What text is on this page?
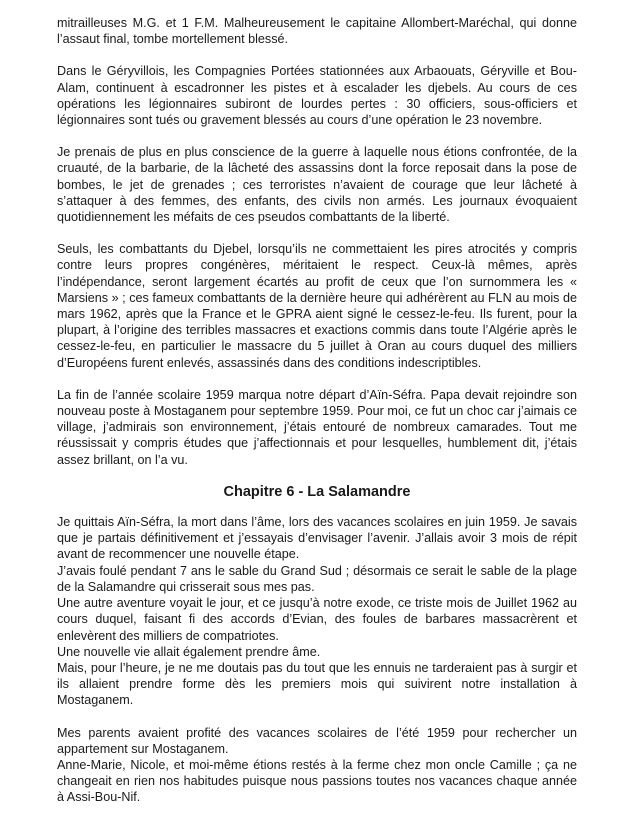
mitrailleuses M.G. et 1 F.M. Malheureusement le capitaine Allombert-Maréchal, qui donne l’assaut final, tombe mortellement blessé.

Dans le Géryvillois, les Compagnies Portées stationnées aux Arbaouats, Géryville et Bou-Alam, continuent à escadronner les pistes et à escalader les djebels. Au cours de ces opérations les légionnaires subiront de lourdes pertes : 30 officiers, sous-officiers et légionnaires sont tués ou gravement blessés au cours d’une opération le 23 novembre.

Je prenais de plus en plus conscience de la guerre à laquelle nous étions confrontée, de la cruauté, de la barbarie, de la lâcheté des assassins dont la force reposait dans la pose de bombes, le jet de grenades ; ces terroristes n’avaient de courage que leur lâcheté à s’attaquer à des femmes, des enfants, des civils non armés. Les journaux évoquaient quotidiennement les méfaits de ces pseudos combattants de la liberté.

Seuls, les combattants du Djebel, lorsqu’ils ne commettaient les pires atrocités y compris contre leurs propres congénères, méritaient le respect. Ceux-là mêmes, après l’indépendance, seront largement écartés au profit de ceux que l’on surnommera les « Marsiens » ; ces fameux combattants de la dernière heure qui adhérèrent au FLN au mois de mars 1962, après que la France et le GPRA aient signé le cessez-le-feu. Ils furent, pour la plupart, à l’origine des terribles massacres et exactions commis dans toute l’Algérie après le cessez-le-feu, en particulier le massacre du 5 juillet à Oran au cours duquel des milliers d’Européens furent enlevés, assassinés dans des conditions indescriptibles.

La fin de l’année scolaire 1959 marqua notre départ d’Aïn-Séfra. Papa devait rejoindre son nouveau poste à Mostaganem pour septembre 1959. Pour moi, ce fut un choc car j’aimais ce village, j’admirais son environnement, j’étais entouré de nombreux camarades. Tout me réussissait y compris études que j’affectionnais et pour lesquelles, humblement dit, j’étais assez brillant, on l’a vu.

Chapitre 6 - La Salamandre

Je quittais Aïn-Séfra, la mort dans l’âme, lors des vacances scolaires en juin 1959. Je savais que je partais définitivement et j’essayais d’envisager l’avenir. J’allais avoir 3 mois de répit avant de recommencer une nouvelle étape.

J’avais foulé pendant 7 ans le sable du Grand Sud ; désormais ce serait le sable de la plage de la Salamandre qui crisserait sous mes pas.

Une autre aventure voyait le jour, et ce jusqu’à notre exode, ce triste mois de Juillet 1962 au cours duquel, faisant fi des accords d’Evian, des foules de barbares massacrèrent et enlevèrent des milliers de compatriotes.

Une nouvelle vie allait également prendre âme.

Mais, pour l’heure, je ne me doutais pas du tout que les ennuis ne tarderaient pas à surgir et ils allaient prendre forme dès les premiers mois qui suivirent notre installation à Mostaganem.

Mes parents avaient profité des vacances scolaires de l’été 1959 pour rechercher un appartement sur Mostaganem.

Anne-Marie, Nicole, et moi-même étions restés à la ferme chez mon oncle Camille ; ça ne changeait en rien nos habitudes puisque nous passions toutes nos vacances chaque année à Assi-Bou-Nif.
